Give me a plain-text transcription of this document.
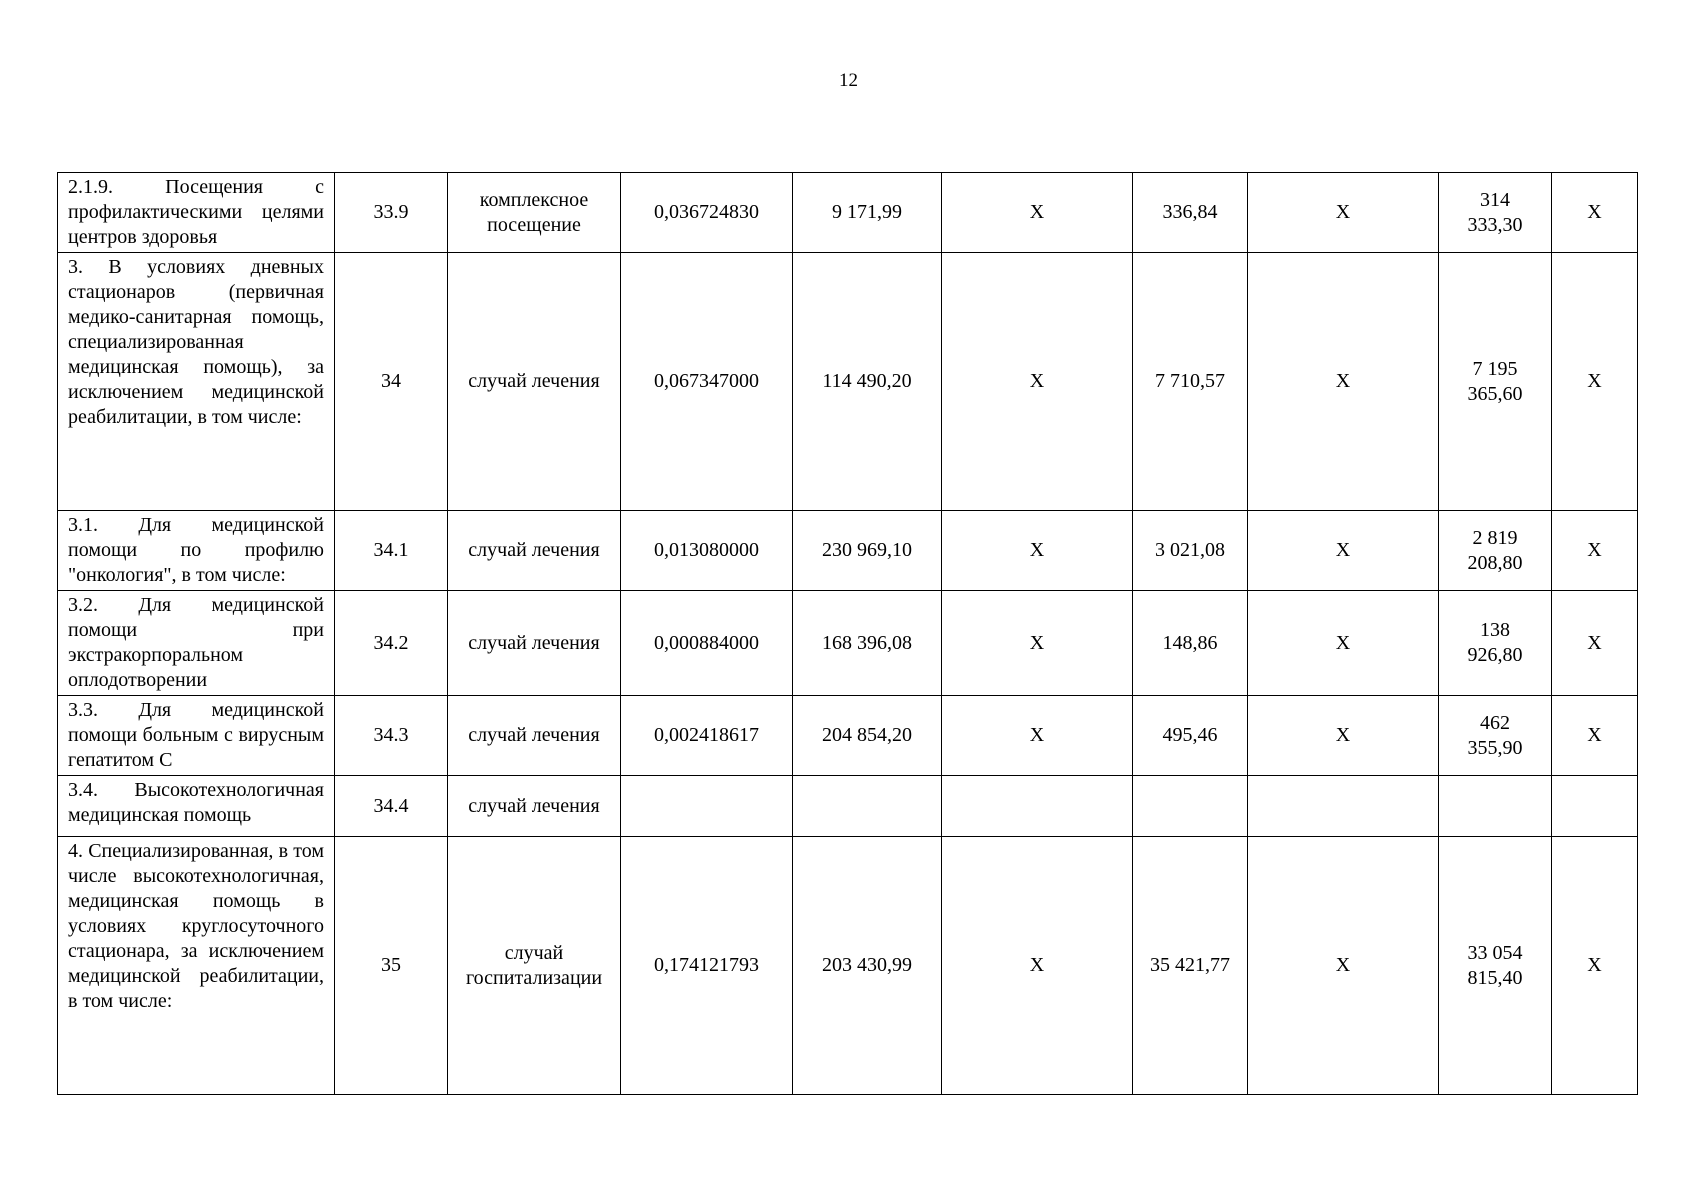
12
2.1.9. Посещения с профилактическими целями центров здоровья	33.9	комплексное посещение	0,036724830	9 171,99	X	336,84	X	314 333,30	X
3. В условиях дневных стационаров (первичная медико-санитарная помощь, специализированная медицинская помощь), за исключением медицинской реабилитации, в том числе:	34	случай лечения	0,067347000	114 490,20	X	7 710,57	X	7 195 365,60	X
3.1. Для медицинской помощи по профилю "онкология", в том числе:	34.1	случай лечения	0,013080000	230 969,10	X	3 021,08	X	2 819 208,80	X
3.2. Для медицинской помощи при экстракорпоральном оплодотворении	34.2	случай лечения	0,000884000	168 396,08	X	148,86	X	138 926,80	X
3.3. Для медицинской помощи больным с вирусным гепатитом С	34.3	случай лечения	0,002418617	204 854,20	X	495,46	X	462 355,90	X
3.4. Высокотехнологичная медицинская помощь	34.4	случай лечения							
4. Специализированная, в том числе высокотехнологичная, медицинская помощь в условиях круглосуточного стационара, за исключением медицинской реабилитации, в том числе:	35	случай госпитализации	0,174121793	203 430,99	X	35 421,77	X	33 054 815,40	X
